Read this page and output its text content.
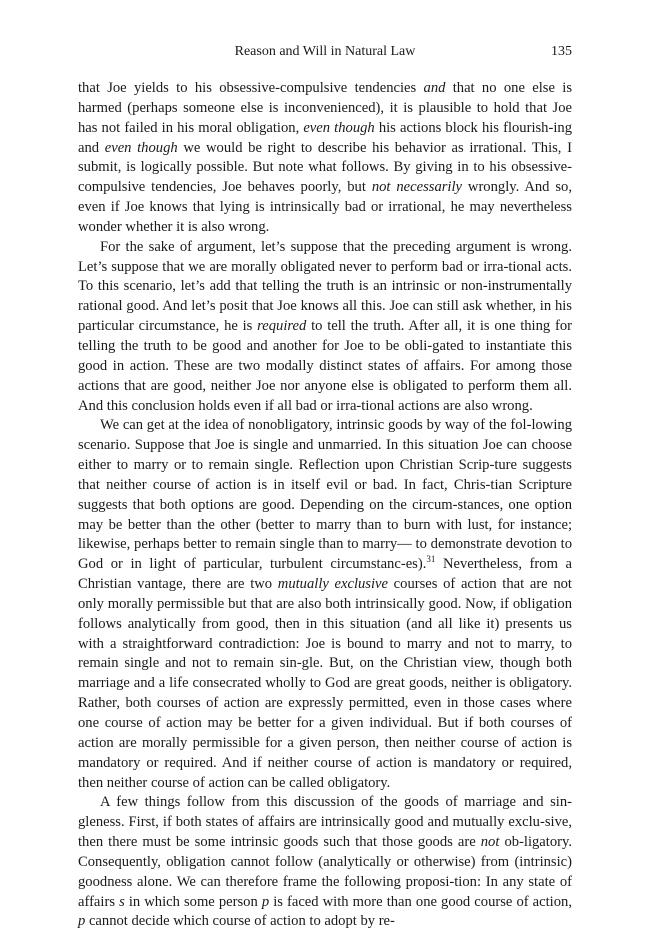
Reason and Will in Natural Law	135

that Joe yields to his obsessive-compulsive tendencies and that no one else is harmed (perhaps someone else is inconvenienced), it is plausible to hold that Joe has not failed in his moral obligation, even though his actions block his flourish-ing and even though we would be right to describe his behavior as irrational. This, I submit, is logically possible. But note what follows. By giving in to his obsessive-compulsive tendencies, Joe behaves poorly, but not necessarily wrongly. And so, even if Joe knows that lying is intrinsically bad or irrational, he may nevertheless wonder whether it is also wrong.

For the sake of argument, let’s suppose that the preceding argument is wrong. Let’s suppose that we are morally obligated never to perform bad or irra-tional acts. To this scenario, let’s add that telling the truth is an intrinsic or non-instrumentally rational good. And let’s posit that Joe knows all this. Joe can still ask whether, in his particular circumstance, he is required to tell the truth. After all, it is one thing for telling the truth to be good and another for Joe to be obli-gated to instantiate this good in action. These are two modally distinct states of affairs. For among those actions that are good, neither Joe nor anyone else is obligated to perform them all. And this conclusion holds even if all bad or irra-tional actions are also wrong.

We can get at the idea of nonobligatory, intrinsic goods by way of the fol-lowing scenario. Suppose that Joe is single and unmarried. In this situation Joe can choose either to marry or to remain single. Reflection upon Christian Scrip-ture suggests that neither course of action is in itself evil or bad. In fact, Chris-tian Scripture suggests that both options are good. Depending on the circum-stances, one option may be better than the other (better to marry than to burn with lust, for instance; likewise, perhaps better to remain single than to marry— to demonstrate devotion to God or in light of particular, turbulent circumstanc-es).$^{31}$ Nevertheless, from a Christian vantage, there are two mutually exclusive courses of action that are not only morally permissible but that are also both intrinsically good. Now, if obligation follows analytically from good, then in this situation (and all like it) presents us with a straightforward contradiction: Joe is bound to marry and not to marry, to remain single and not to remain sin-gle. But, on the Christian view, though both marriage and a life consecrated wholly to God are great goods, neither is obligatory. Rather, both courses of action are expressly permitted, even in those cases where one course of action may be better for a given individual. But if both courses of action are morally permissible for a given person, then neither course of action is mandatory or required. And if neither course of action is mandatory or required, then neither course of action can be called obligatory.

A few things follow from this discussion of the goods of marriage and sin-gleness. First, if both states of affairs are intrinsically good and mutually exclu-sive, then there must be some intrinsic goods such that those goods are not ob-ligatory. Consequently, obligation cannot follow (analytically or otherwise) from (intrinsic) goodness alone. We can therefore frame the following proposi-tion: In any state of affairs s in which some person p is faced with more than one good course of action, p cannot decide which course of action to adopt by re-
